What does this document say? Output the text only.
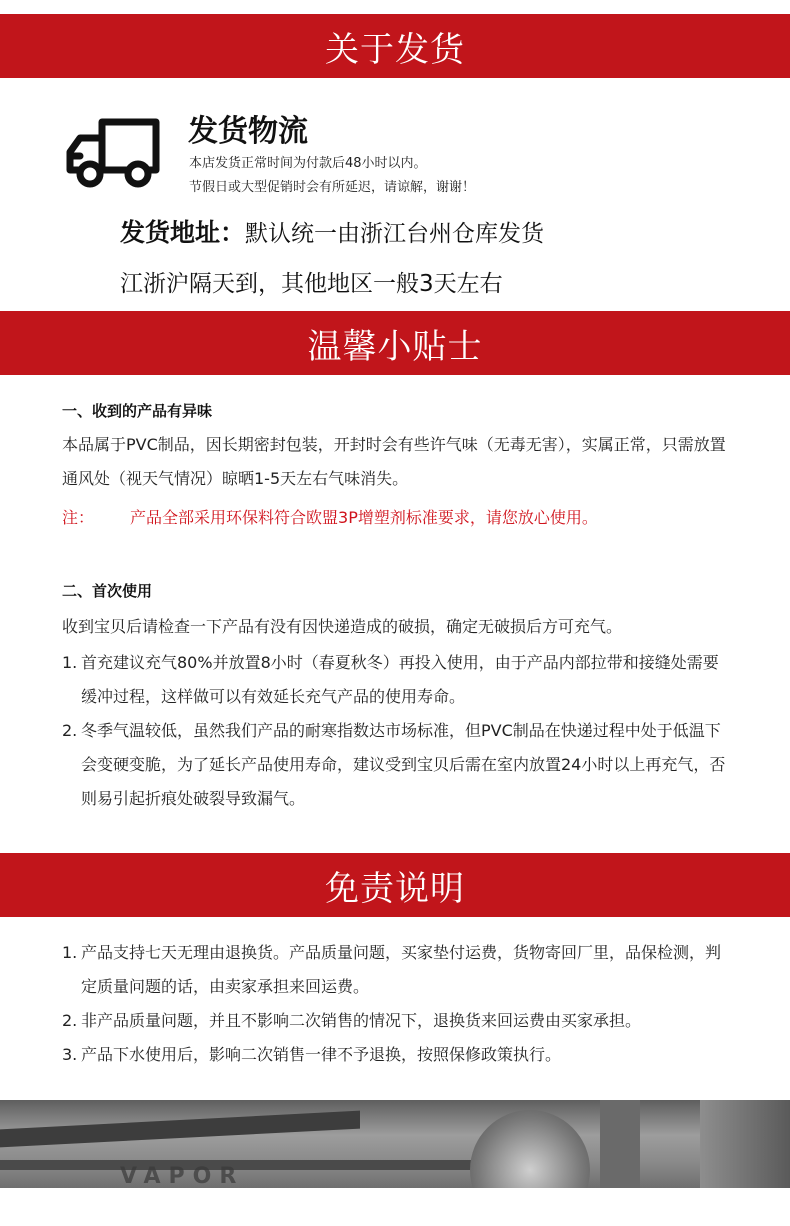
关于发货
发货物流
本店发货正常时间为付款后48小时以内。
节假日或大型促销时会有所延迟，请谅解，谢谢！
发货地址：默认统一由浙江台州仓库发货
江浙沪隔天到，其他地区一般3天左右
温馨小贴士
一、收到的产品有异味
本品属于PVC制品，因长期密封包装，开封时会有些许气味（无毒无害），实属正常，只需放置通风处（视天气情况）晾晒1-5天左右气味消失。
注： 产品全部采用环保料符合欧盟3P增塑剂标准要求，请您放心使用。
二、首次使用
收到宝贝后请检查一下产品有没有因快递造成的破损，确定无破损后方可充气。
1. 首充建议充气80%并放置8小时（春夏秋冬）再投入使用，由于产品内部拉带和接缝处需要缓冲过程，这样做可以有效延长充气产品的使用寿命。
2. 冬季气温较低，虽然我们产品的耐寒指数达市场标准，但PVC制品在快递过程中处于低温下会变硬变脆，为了延长产品使用寿命，建议受到宝贝后需在室内放置24小时以上再充气，否则易引起折痕处破裂导致漏气。
免责说明
1. 产品支持七天无理由退换货。产品质量问题，买家垫付运费，货物寄回厂里，品保检测，判定质量问题的话，由卖家承担来回运费。
2. 非产品质量问题，并且不影响二次销售的情况下，退换货来回运费由买家承担。
3. 产品下水使用后，影响二次销售一律不予退换，按照保修政策执行。
VAPOR
